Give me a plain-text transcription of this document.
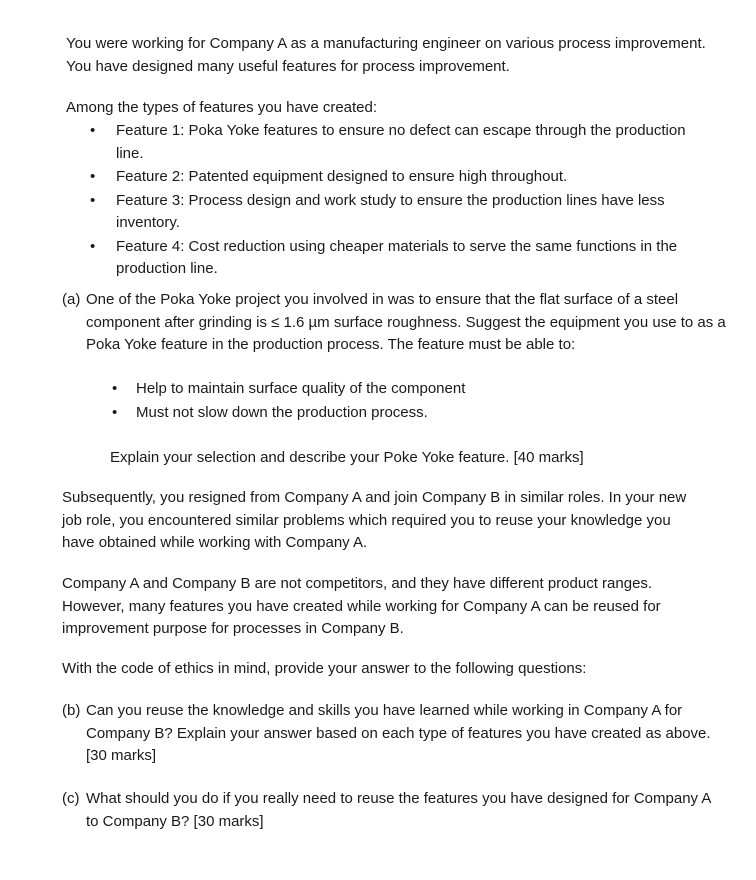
You were working for Company A as a manufacturing engineer on various process improvement. You have designed many useful features for process improvement.

Among the types of features you have created:

•	Feature 1: Poka Yoke features to ensure no defect can escape through the production line.
•	Feature 2: Patented equipment designed to ensure high throughout.
•	Feature 3: Process design and work study to ensure the production lines have less inventory.
•	Feature 4: Cost reduction using cheaper materials to serve the same functions in the production line.
(a) One of the Poka Yoke project you involved in was to ensure that the flat surface of a steel component after grinding is ≤ 1.6 µm surface roughness. Suggest the equipment you use to as a Poka Yoke feature in the production process. The feature must be able to:
• Help to maintain surface quality of the component
• Must not slow down the production process.

Explain your selection and describe your Poke Yoke feature. [40 marks]

Subsequently, you resigned from Company A and join Company B in similar roles. In your new job role, you encountered similar problems which required you to reuse your knowledge you have obtained while working with Company A.

Company A and Company B are not competitors, and they have different product ranges. However, many features you have created while working for Company A can be reused for improvement purpose for processes in Company B.

With the code of ethics in mind, provide your answer to the following questions:

(b) Can you reuse the knowledge and skills you have learned while working in Company A for Company B? Explain your answer based on each type of features you have created as above. [30 marks]
(c) What should you do if you really need to reuse the features you have designed for Company A to Company B? [30 marks]
